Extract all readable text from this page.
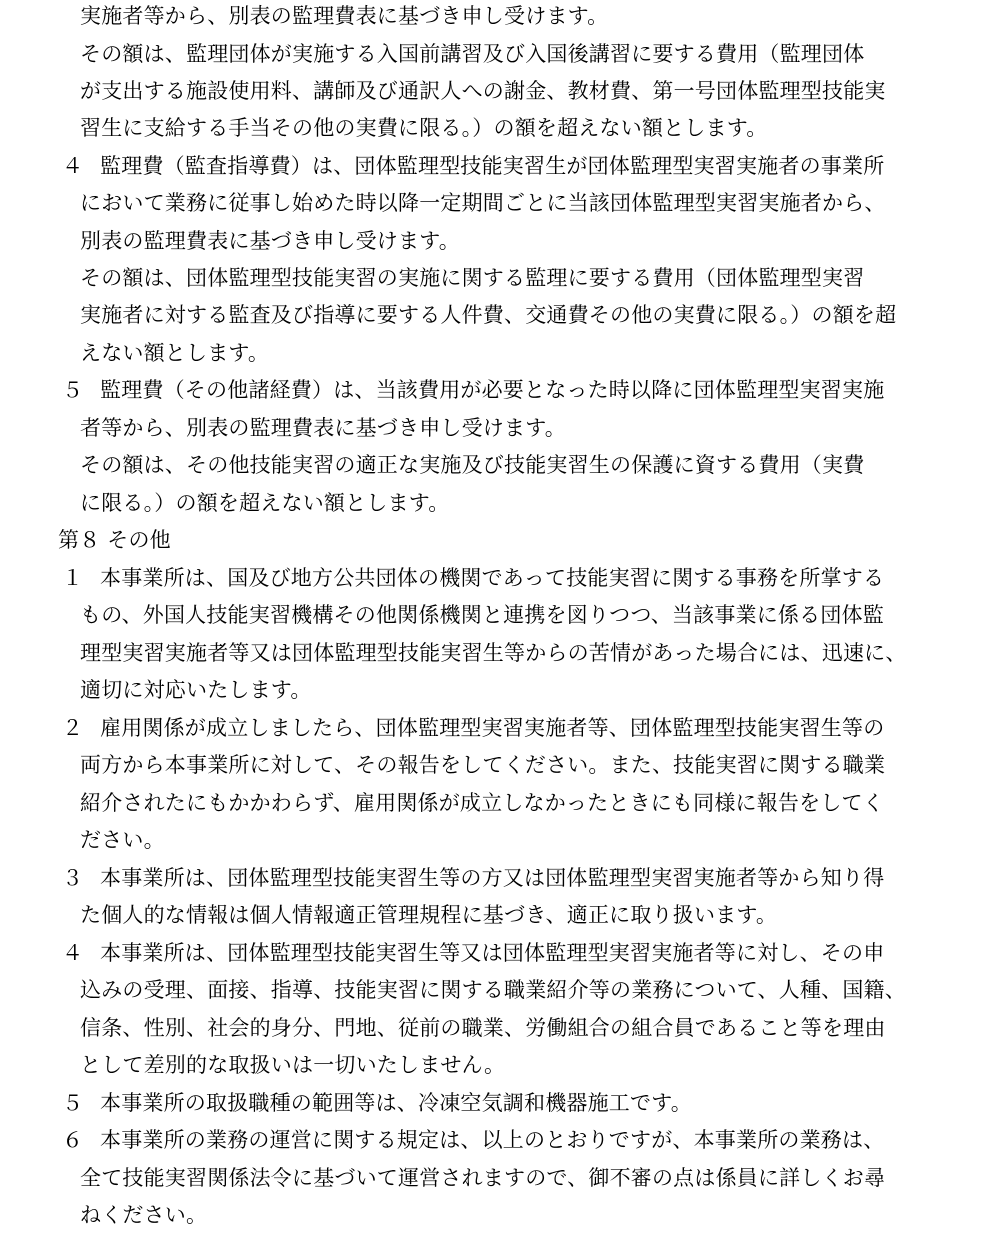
実施者等から、別表の監理費表に基づき申し受けます。
その額は、監理団体が実施する入国前講習及び入国後講習に要する費用（監理団体
が支出する施設使用料、講師及び通訳人への謝金、教材費、第一号団体監理型技能実
習生に支給する手当その他の実費に限る。）の額を超えない額とします。
４ 監理費（監査指導費）は、団体監理型技能実習生が団体監理型実習実施者の事業所
において業務に従事し始めた時以降一定期間ごとに当該団体監理型実習実施者から、
別表の監理費表に基づき申し受けます。
その額は、団体監理型技能実習の実施に関する監理に要する費用（団体監理型実習
実施者に対する監査及び指導に要する人件費、交通費その他の実費に限る。）の額を超
えない額とします。
５ 監理費（その他諸経費）は、当該費用が必要となった時以降に団体監理型実習実施
者等から、別表の監理費表に基づき申し受けます。
その額は、その他技能実習の適正な実施及び技能実習生の保護に資する費用（実費
に限る。）の額を超えない額とします。
第８ その他
１ 本事業所は、国及び地方公共団体の機関であって技能実習に関する事務を所掌する
もの、外国人技能実習機構その他関係機関と連携を図りつつ、当該事業に係る団体監
理型実習実施者等又は団体監理型技能実習生等からの苦情があった場合には、迅速に、
適切に対応いたします。
２ 雇用関係が成立しましたら、団体監理型実習実施者等、団体監理型技能実習生等の
両方から本事業所に対して、その報告をしてください。また、技能実習に関する職業
紹介されたにもかかわらず、雇用関係が成立しなかったときにも同様に報告をしてく
ださい。
３ 本事業所は、団体監理型技能実習生等の方又は団体監理型実習実施者等から知り得
た個人的な情報は個人情報適正管理規程に基づき、適正に取り扱います。
４ 本事業所は、団体監理型技能実習生等又は団体監理型実習実施者等に対し、その申
込みの受理、面接、指導、技能実習に関する職業紹介等の業務について、人種、国籍、
信条、性別、社会的身分、門地、従前の職業、労働組合の組合員であること等を理由
として差別的な取扱いは一切いたしません。
５ 本事業所の取扱職種の範囲等は、冷凍空気調和機器施工です。
６ 本事業所の業務の運営に関する規定は、以上のとおりですが、本事業所の業務は、
全て技能実習関係法令に基づいて運営されますので、御不審の点は係員に詳しくお尋
ねください。
